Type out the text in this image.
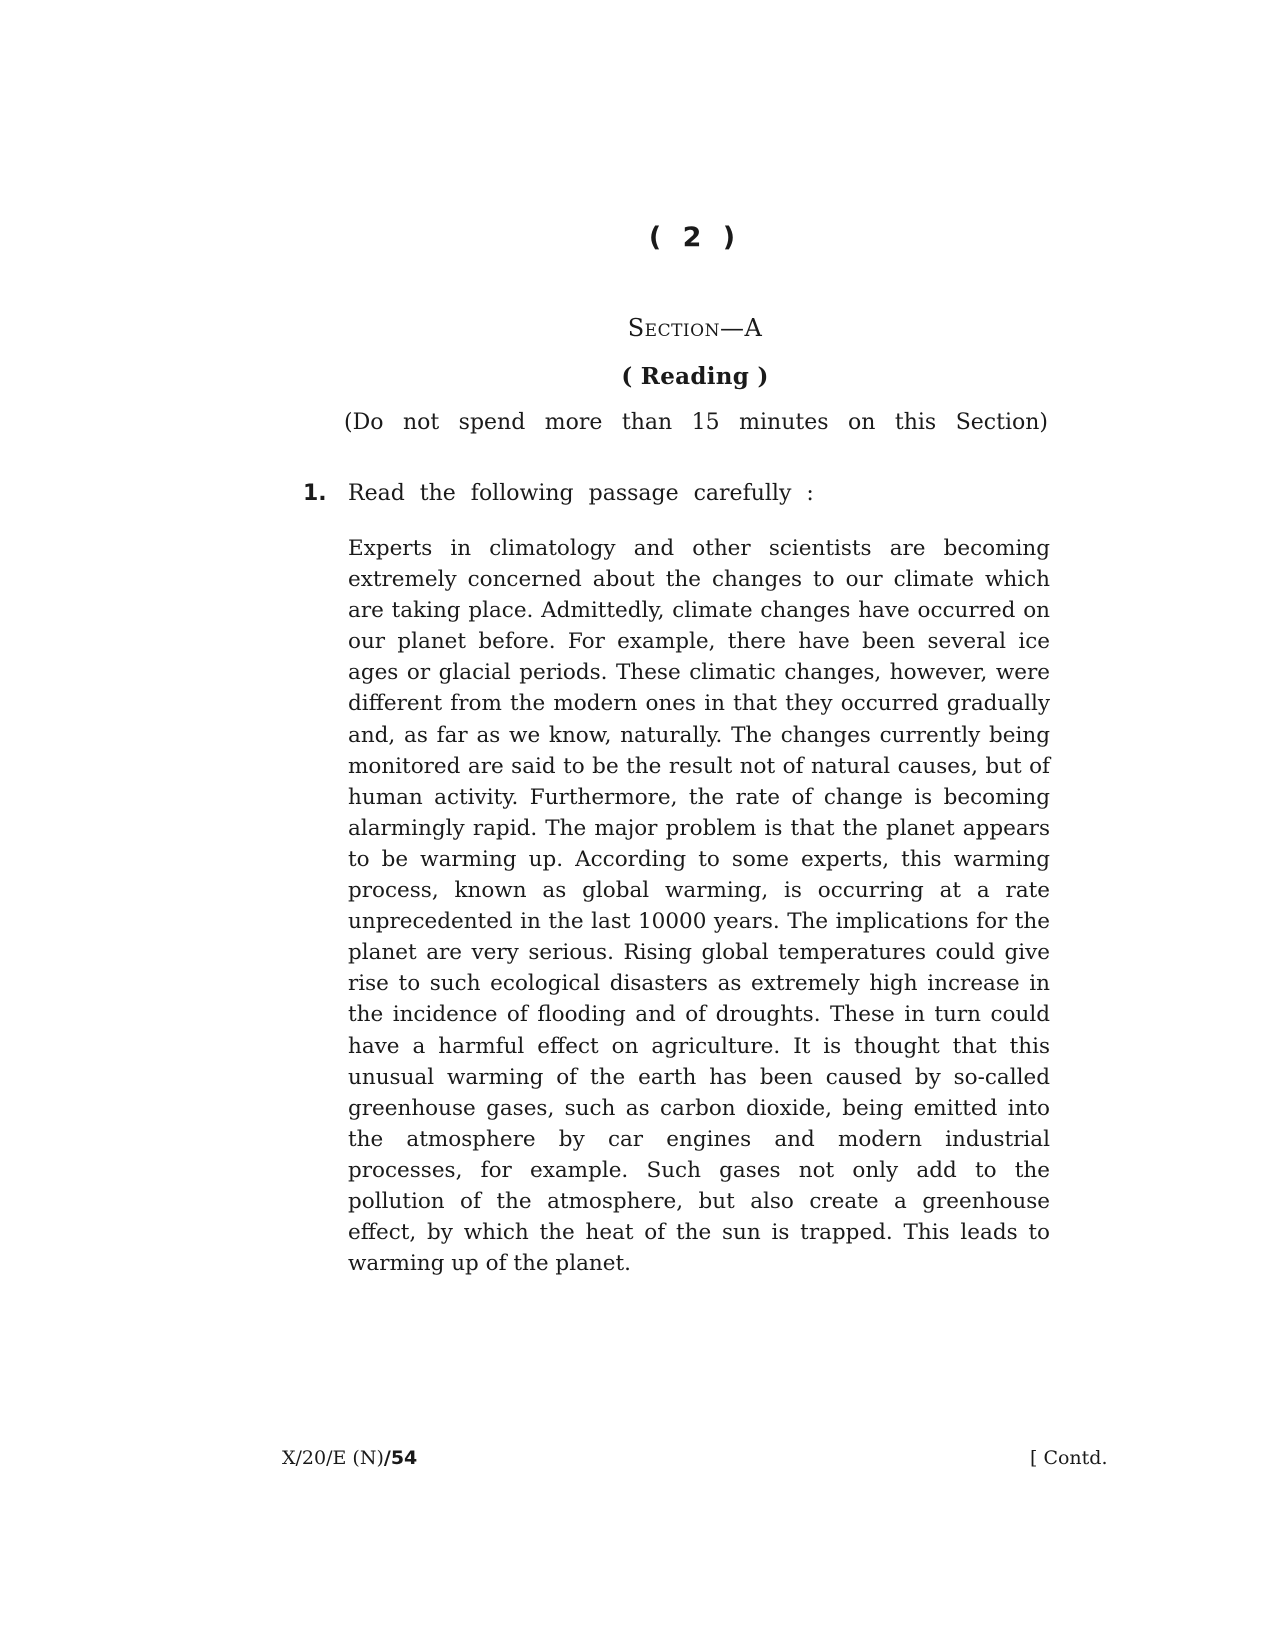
( 2 )
Section—A
( Reading )
(Do not spend more than 15 minutes on this Section)
1. Read the following passage carefully :

Experts in climatology and other scientists are becoming extremely concerned about the changes to our climate which are taking place. Admittedly, climate changes have occurred on our planet before. For example, there have been several ice ages or glacial periods. These climatic changes, however, were different from the modern ones in that they occurred gradually and, as far as we know, naturally. The changes currently being monitored are said to be the result not of natural causes, but of human activity. Furthermore, the rate of change is becoming alarmingly rapid. The major problem is that the planet appears to be warming up. According to some experts, this warming process, known as global warming, is occurring at a rate unprecedented in the last 10000 years. The implications for the planet are very serious. Rising global temperatures could give rise to such ecological disasters as extremely high increase in the incidence of flooding and of droughts. These in turn could have a harmful effect on agriculture. It is thought that this unusual warming of the earth has been caused by so-called greenhouse gases, such as carbon dioxide, being emitted into the atmosphere by car engines and modern industrial processes, for example. Such gases not only add to the pollution of the atmosphere, but also create a greenhouse effect, by which the heat of the sun is trapped. This leads to warming up of the planet.

X/20/E (N)/54	[ Contd.
